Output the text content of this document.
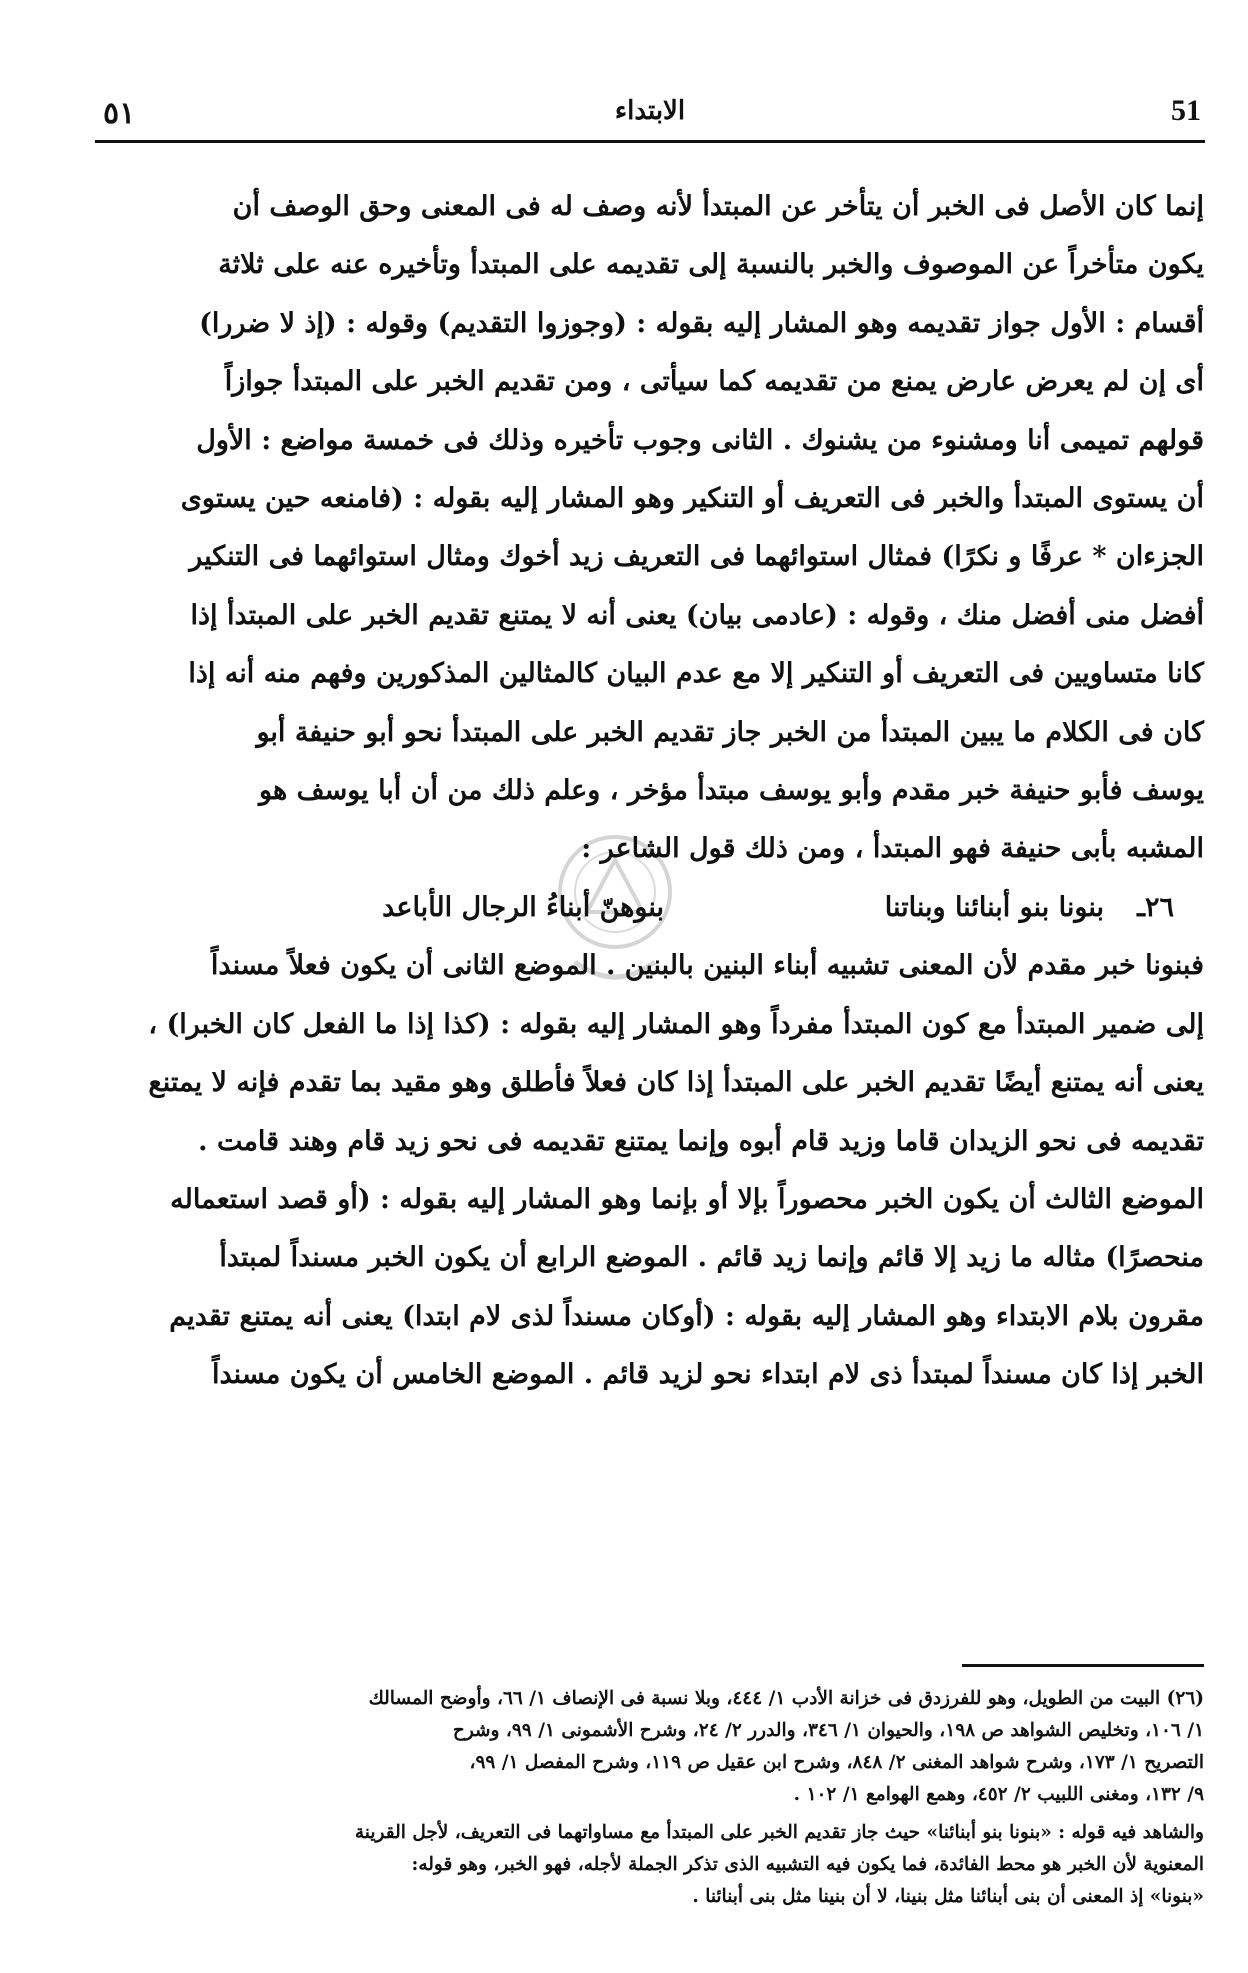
٥١	الابتداء	51

إنما كان الأصل فى الخبر أن يتأخر عن المبتدأ لأنه وصف له فى المعنى وحق الوصف أن

يكون متأخراً عن الموصوف والخبر بالنسبة إلى تقديمه على المبتدأ وتأخيره عنه على ثلاثة

أقسام : الأول جواز تقديمه وهو المشار إليه بقوله : (وجوزوا التقديم) وقوله : (إذ لا ضررا)

أى إن لم يعرض عارض يمنع من تقديمه كما سيأتى ، ومن تقديم الخبر على المبتدأ جوازاً

قولهم تميمى أنا ومشنوء من يشنوك . الثانى وجوب تأخيره وذلك فى خمسة مواضع : الأول

أن يستوى المبتدأ والخبر فى التعريف أو التنكير وهو المشار إليه بقوله : (فامنعه حين يستوى

الجزءان * عرفًا و نكرًا) فمثال استوائهما فى التعريف زيد أخوك ومثال استوائهما فى التنكير

أفضل منى أفضل منك ، وقوله : (عادمى بيان) يعنى أنه لا يمتنع تقديم الخبر على المبتدأ إذا

كانا متساويين فى التعريف أو التنكير إلا مع عدم البيان كالمثالين المذكورين وفهم منه أنه إذا

كان فى الكلام ما يبين المبتدأ من الخبر جاز تقديم الخبر على المبتدأ نحو أبو حنيفة أبو

يوسف فأبو حنيفة خبر مقدم وأبو يوسف مبتدأ مؤخر ، وعلم ذلك من أن أبا يوسف هو

المشبه بأبى حنيفة فهو المبتدأ ، ومن ذلك قول الشاعر :

٢٦ـ
بنونا بنو أبنائنا وبناتنا
بنوهنّ أبناءُ الرجال الأباعد

فبنونا خبر مقدم لأن المعنى تشبيه أبناء البنين بالبنين . الموضع الثانى أن يكون فعلاً مسنداً

إلى ضمير المبتدأ مع كون المبتدأ مفرداً وهو المشار إليه بقوله : (كذا إذا ما الفعل كان الخبرا) ،

يعنى أنه يمتنع أيضًا تقديم الخبر على المبتدأ إذا كان فعلاً فأطلق وهو مقيد بما تقدم فإنه لا يمتنع

تقديمه فى نحو الزيدان قاما وزيد قام أبوه وإنما يمتنع تقديمه فى نحو زيد قام وهند قامت .

الموضع الثالث أن يكون الخبر محصوراً بإلا أو بإنما وهو المشار إليه بقوله : (أو قصد استعماله

منحصرًا) مثاله ما زيد إلا قائم وإنما زيد قائم . الموضع الرابع أن يكون الخبر مسنداً لمبتدأ

مقرون بلام الابتداء وهو المشار إليه بقوله : (أوكان مسنداً لذى لام ابتدا) يعنى أنه يمتنع تقديم

الخبر إذا كان مسنداً لمبتدأ ذى لام ابتداء نحو لزيد قائم . الموضع الخامس أن يكون مسنداً

(٢٦) البيت من الطويل، وهو للفرزدق فى خزانة الأدب ١/ ٤٤٤، وبلا نسبة فى الإنصاف ١/ ٦٦، وأوضح المسالك

١/ ١٠٦، وتخليص الشواهد ص ١٩٨، والحيوان ١/ ٣٤٦، والدرر ٢/ ٢٤، وشرح الأشمونى ١/ ٩٩، وشرح

التصريح ١/ ١٧٣، وشرح شواهد المغنى ٢/ ٨٤٨، وشرح ابن عقيل ص ١١٩، وشرح المفصل ١/ ٩٩،

٩/ ١٣٢، ومغنى اللبيب ٢/ ٤٥٢، وهمع الهوامع ١/ ١٠٢ .

والشاهد فيه قوله : «بنونا بنو أبنائنا» حيث جاز تقديم الخبر على المبتدأ مع مساواتهما فى التعريف، لأجل القرينة

المعنوية لأن الخبر هو محط الفائدة، فما يكون فيه التشبيه الذى تذكر الجملة لأجله، فهو الخبر، وهو قوله:

«بنونا» إذ المعنى أن بنى أبنائنا مثل بنينا، لا أن بنينا مثل بنى أبنائنا .
